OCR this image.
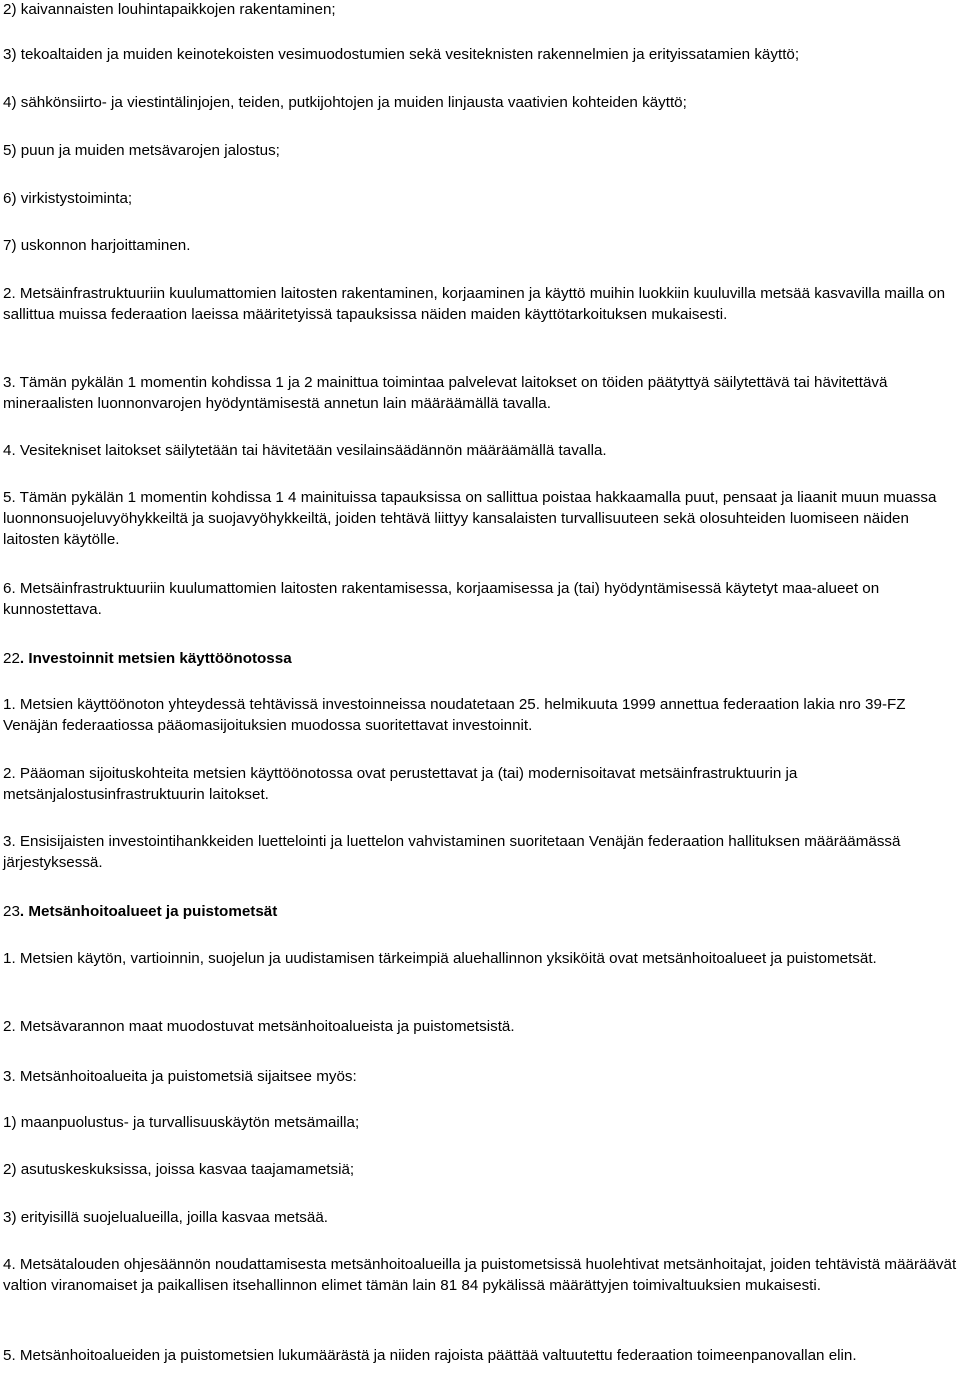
2) kaivannaisten louhintapaikkojen rakentaminen;

3) tekoaltaiden ja muiden keinotekoisten vesimuodostumien sekä vesiteknisten rakennelmien ja erityissatamien käyttö;

4) sähkönsiirto- ja viestintälinjojen, teiden, putkijohtojen ja muiden linjausta vaativien kohteiden käyttö;

5) puun ja muiden metsävarojen jalostus;

6) virkistystoiminta;

7) uskonnon harjoittaminen.

2. Metsäinfrastruktuuriin kuulumattomien laitosten rakentaminen, korjaaminen ja käyttö muihin luokkiin kuuluvilla metsää kasvavilla mailla on sallittua muissa federaation laeissa määritetyissä tapauksissa näiden maiden käyttötarkoituksen mukaisesti.

3. Tämän pykälän 1 momentin kohdissa 1 ja 2 mainittua toimintaa palvelevat laitokset on töiden päätyttyä säilytettävä tai hävitettävä mineraalisten luonnonvarojen hyödyntämisestä annetun lain määräämällä tavalla.

4. Vesitekniset laitokset säilytetään tai hävitetään vesilainsäädännön määräämällä tavalla.

5. Tämän pykälän 1 momentin kohdissa 1 4 mainituissa tapauksissa on sallittua poistaa hakkaamalla puut, pensaat ja liaanit muun muassa luonnonsuojeluvyöhykkeiltä ja suojavyöhykkeiltä, joiden tehtävä liittyy kansalaisten turvallisuuteen sekä olosuhteiden luomiseen näiden laitosten käytölle.

6. Metsäinfrastruktuuriin kuulumattomien laitosten rakentamisessa, korjaamisessa ja (tai) hyödyntämisessä käytetyt maa-alueet on kunnostettava.

22. Investoinnit metsien käyttöönotossa

1. Metsien käyttöönoton yhteydessä tehtävissä investoinneissa noudatetaan 25. helmikuuta 1999 annettua federaation lakia nro 39-FZ Venäjän federaatiossa pääomasijoituksien muodossa suoritettavat investoinnit.

2. Pääoman sijoituskohteita metsien käyttöönotossa ovat perustettavat ja (tai) modernisoitavat metsäinfrastruktuurin ja metsänjalostusinfrastruktuurin laitokset.

3. Ensisijaisten investointihankkeiden luettelointi ja luettelon vahvistaminen suoritetaan Venäjän federaation hallituksen määräämässä järjestyksessä.

23. Metsänhoitoalueet ja puistometsät

1. Metsien käytön, vartioinnin, suojelun ja uudistamisen tärkeimpiä aluehallinnon yksiköitä ovat metsänhoitoalueet ja puistometsät.

2. Metsävarannon maat muodostuvat metsänhoitoalueista ja puistometsistä.

3. Metsänhoitoalueita ja puistometsiä sijaitsee myös:

1) maanpuolustus- ja turvallisuuskäytön metsämailla;

2) asutuskeskuksissa, joissa kasvaa taajamametsiä;

3) erityisillä suojelualueilla, joilla kasvaa metsää.

4. Metsätalouden ohjesäännön noudattamisesta metsänhoitoalueilla ja puistometsissä huolehtivat metsänhoitajat, joiden tehtävistä määräävät valtion viranomaiset ja paikallisen itsehallinnon elimet tämän lain 81 84 pykälissä määrättyjen toimivaltuuksien mukaisesti.

5. Metsänhoitoalueiden ja puistometsien lukumäärästä ja niiden rajoista päättää valtuutettu federaation toimeenpanovallan elin.
